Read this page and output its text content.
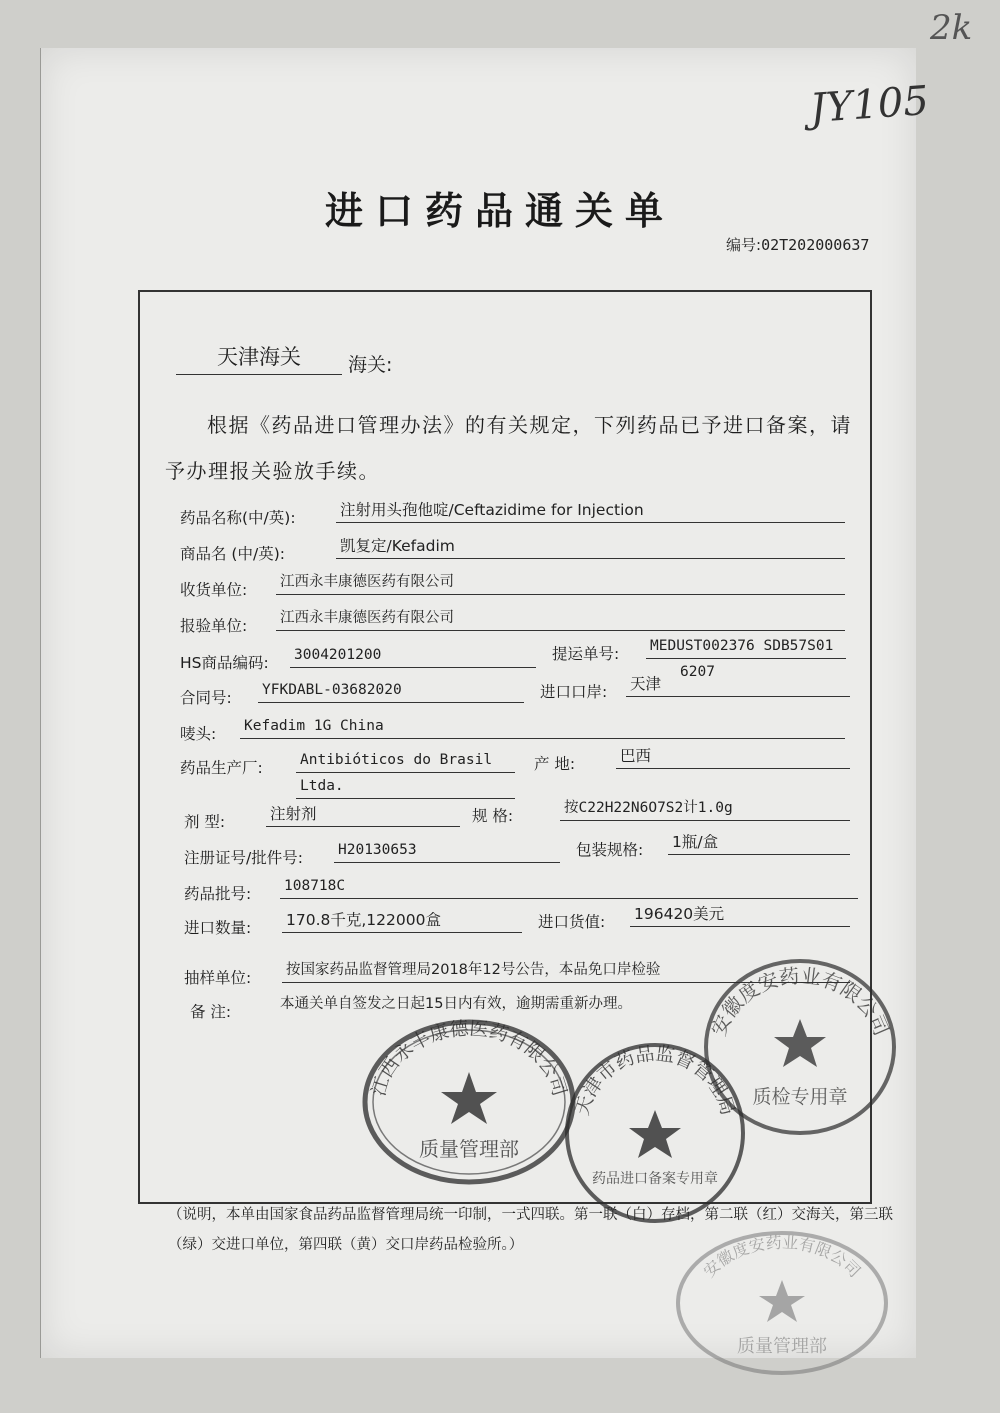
2k
JY105
进口药品通关单
编号:02T202000637
天津海关	海关:
根据《药品进口管理办法》的有关规定，下列药品已予进口备案，请予办理报关验放手续。
药品名称(中/英):	注射用头孢他啶/Ceftazidime for Injection
商品名 (中/英):	凯复定/Kefadim
收货单位: 江西永丰康德医药有限公司
报验单位: 江西永丰康德医药有限公司
HS商品编码: 3004201200	提运单号: MEDUST002376 SDB57S01
6207
合同号: YFKDABL-03682020	进口口岸: 天津
唛头: Kefadim 1G China
药品生产厂:	Antibióticos do Brasil
Ltda.
产 地:	巴西
剂 型:	注射剂	规 格:	按C22H22N6O7S2计1.0g
注册证号/批件号: H20130653	包装规格: 1瓶/盒
药品批号: 108718C
进口数量: 170.8千克,122000盒	进口货值: 196420美元
抽样单位: 按国家药品监督管理局2018年12号公告，本品免口岸检验
备 注:	本通关单自签发之日起15日内有效，逾期需重新办理。
（说明，本单由国家食品药品监督管理局统一印制，一式四联。第一联（白）存档，第二联（红）交海关，第三联（绿）交进口单位，第四联（黄）交口岸药品检验所。）
江西永丰康德医药有限公司
质量管理部
天津市药品监督管理局
药品进口备案专用章
安徽度安药业有限公司
质检专用章
安徽度安药业有限公司
质量管理部
